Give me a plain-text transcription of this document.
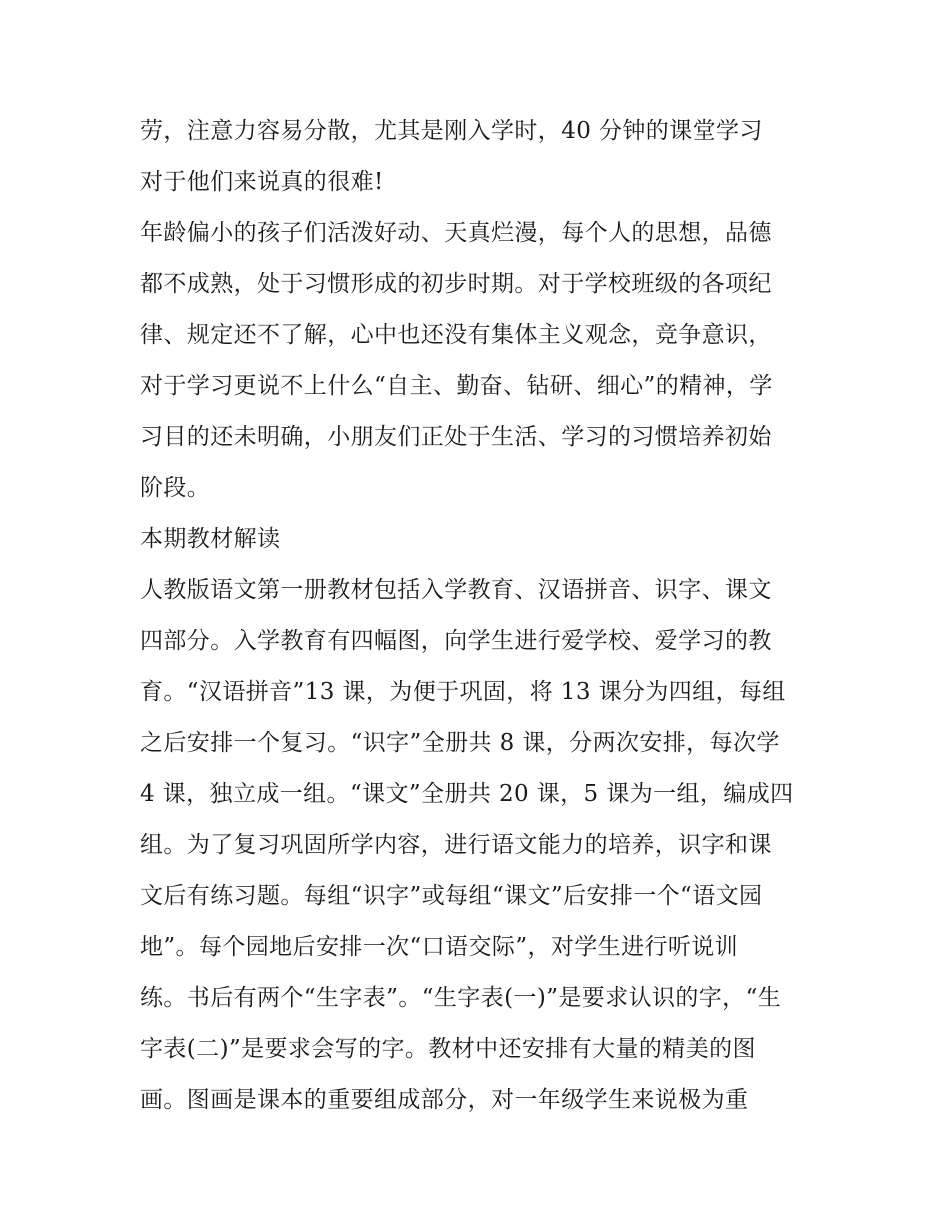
劳，注意力容易分散，尤其是刚入学时，40 分钟的课堂学习
对于他们来说真的很难!
年龄偏小的孩子们活泼好动、天真烂漫，每个人的思想，品德
都不成熟，处于习惯形成的初步时期。对于学校班级的各项纪
律、规定还不了解，心中也还没有集体主义观念，竞争意识，
对于学习更说不上什么“自主、勤奋、钻研、细心”的精神，学
习目的还未明确，小朋友们正处于生活、学习的习惯培养初始
阶段。
本期教材解读
人教版语文第一册教材包括入学教育、汉语拼音、识字、课文
四部分。入学教育有四幅图，向学生进行爱学校、爱学习的教
育。“汉语拼音”13 课，为便于巩固，将 13 课分为四组，每组
之后安排一个复习。“识字”全册共 8 课，分两次安排，每次学
4 课，独立成一组。“课文”全册共 20 课，5 课为一组，编成四
组。为了复习巩固所学内容，进行语文能力的培养，识字和课
文后有练习题。每组“识字”或每组“课文”后安排一个“语文园
地”。每个园地后安排一次“口语交际”，对学生进行听说训
练。书后有两个“生字表”。“生字表(一)”是要求认识的字，“生
字表(二)”是要求会写的字。教材中还安排有大量的精美的图
画。图画是课本的重要组成部分，对一年级学生来说极为重
